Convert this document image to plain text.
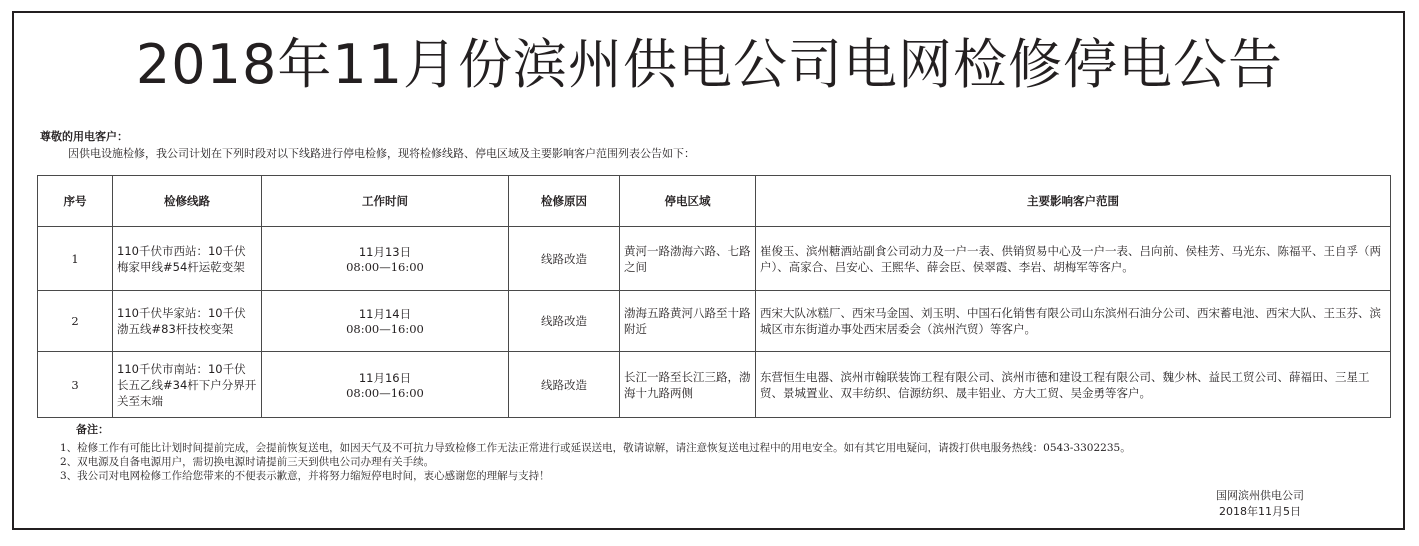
2018年11月份滨州供电公司电网检修停电公告
尊敬的用电客户：
因供电设施检修，我公司计划在下列时段对以下线路进行停电检修，现将检修线路、停电区域及主要影响客户范围列表公告如下：
序号	检修线路	工作时间	检修原因	停电区域	主要影响客户范围
1	110千伏市西站：10千伏梅家甲线#54杆运乾变架	11月13日
08:00—16:00	线路改造	黄河一路渤海六路、七路之间	崔俊玉、滨州糖酒站副食公司动力及一户一表、供销贸易中心及一户一表、吕向前、侯桂芳、马光东、陈福平、王自孚（两户）、高家合、吕安心、王熙华、薛会臣、侯翠霞、李岩、胡梅军等客户。
2	110千伏毕家站：10千伏渤五线#83杆技校变架	11月14日
08:00—16:00	线路改造	渤海五路黄河八路至十路附近	西宋大队冰糕厂、西宋马金国、刘玉明、中国石化销售有限公司山东滨州石油分公司、西宋蓄电池、西宋大队、王玉芬、滨城区市东街道办事处西宋居委会（滨州汽贸）等客户。
3	110千伏市南站：10千伏长五乙线#34杆下户分界开关至末端	11月16日
08:00—16:00	线路改造	长江一路至长江三路，渤海十九路两侧	东营恒生电器、滨州市翰联装饰工程有限公司、滨州市德和建设工程有限公司、魏少林、益民工贸公司、薛福田、三星工贸、景城置业、双丰纺织、信源纺织、晟丰铝业、方大工贸、吴金勇等客户。
备注：
1、检修工作有可能比计划时间提前完成，会提前恢复送电，如因天气及不可抗力导致检修工作无法正常进行或延误送电，敬请谅解，请注意恢复送电过程中的用电安全。如有其它用电疑问，请拨打供电服务热线：0543-3302235。
2、双电源及自备电源用户，需切换电源时请提前三天到供电公司办理有关手续。
3、我公司对电网检修工作给您带来的不便表示歉意，并将努力缩短停电时间，衷心感谢您的理解与支持！
国网滨州供电公司
2018年11月5日
